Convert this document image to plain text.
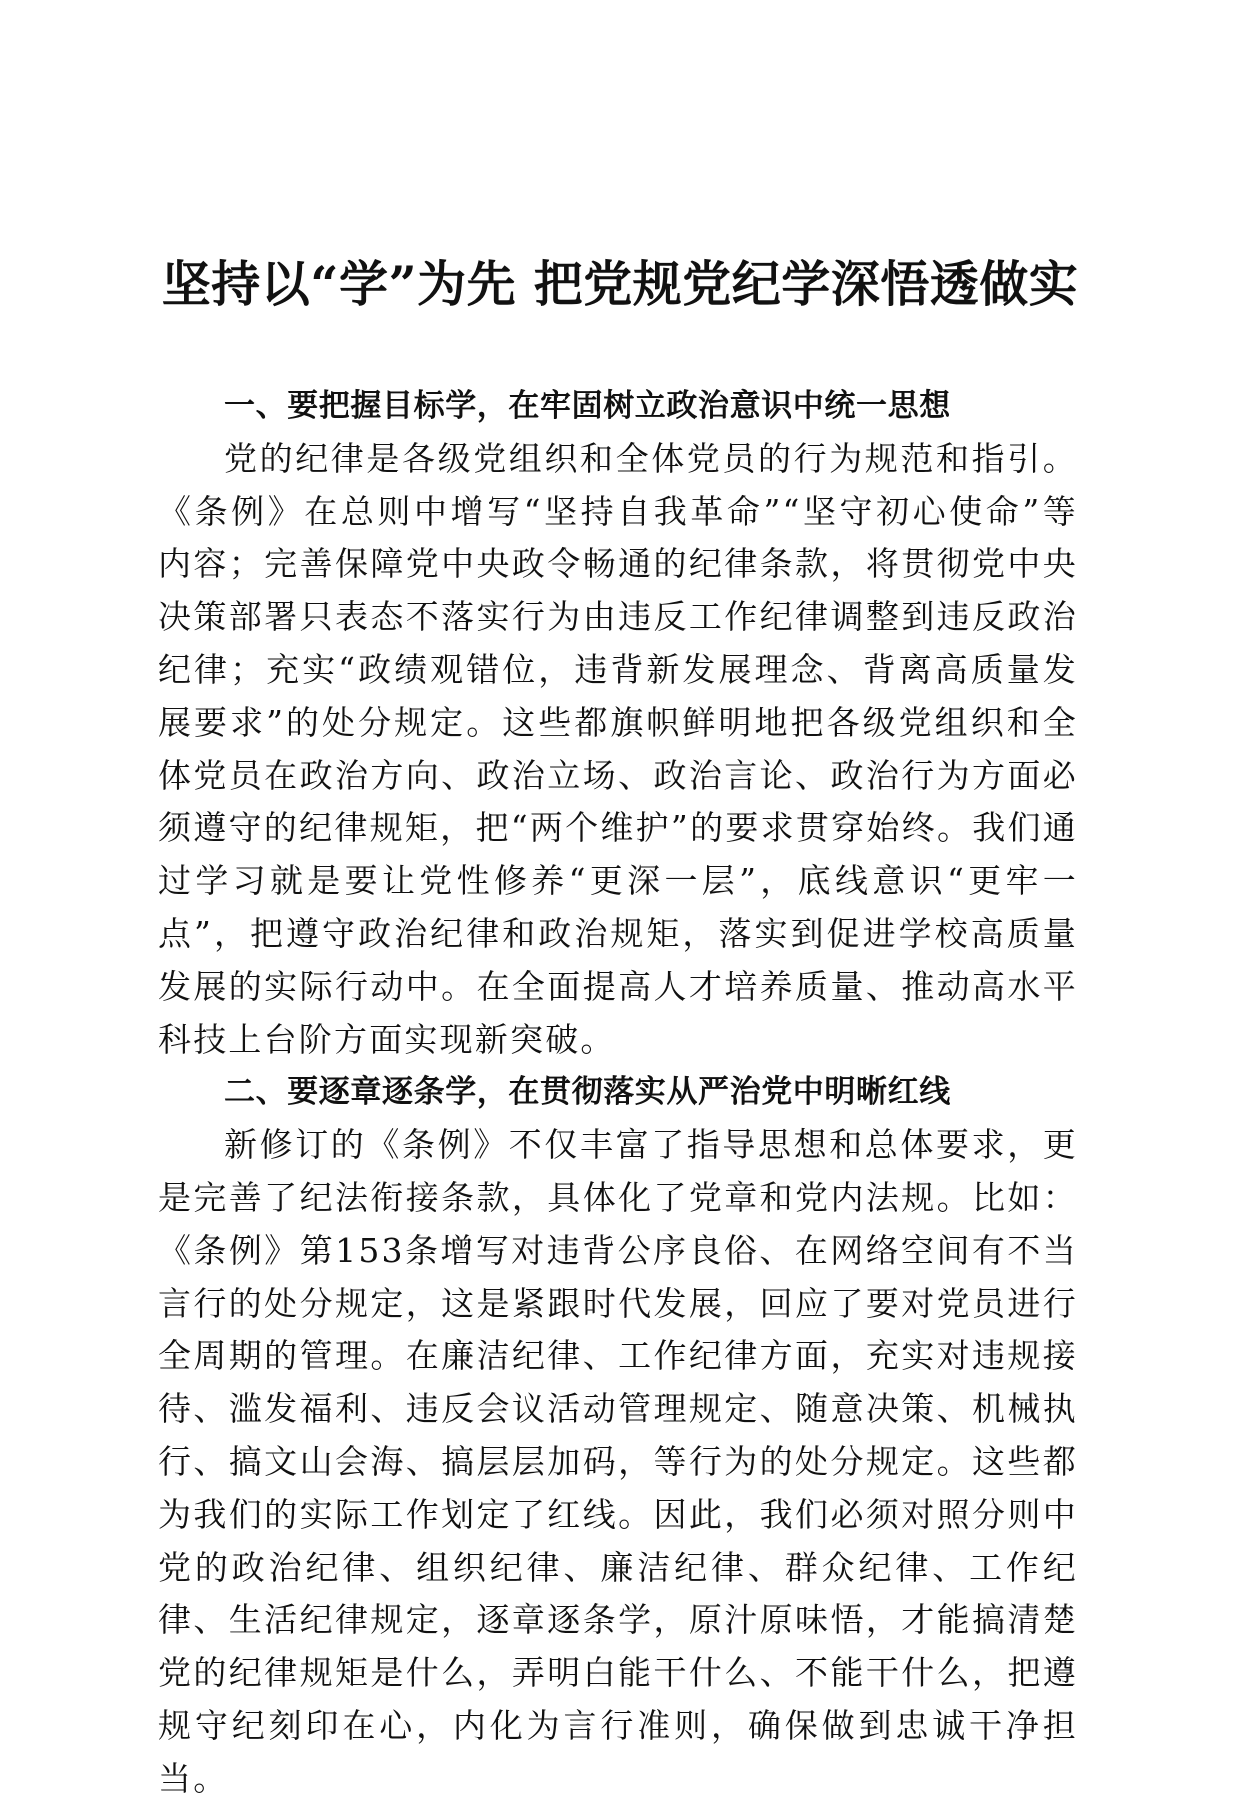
坚持以“学”为先 把党规党纪学深悟透做实
一、要把握目标学，在牢固树立政治意识中统一思想

党的纪律是各级党组织和全体党员的行为规范和指引。《条例》在总则中增写“坚持自我革命”“坚守初心使命”等内容；完善保障党中央政令畅通的纪律条款，将贯彻党中央决策部署只表态不落实行为由违反工作纪律调整到违反政治纪律；充实“政绩观错位，违背新发展理念、背离高质量发展要求”的处分规定。这些都旗帜鲜明地把各级党组织和全体党员在政治方向、政治立场、政治言论、政治行为方面必须遵守的纪律规矩，把“两个维护”的要求贯穿始终。我们通过学习就是要让党性修养“更深一层”，底线意识“更牢一点”，把遵守政治纪律和政治规矩，落实到促进学校高质量发展的实际行动中。在全面提高人才培养质量、推动高水平科技上台阶方面实现新突破。

二、要逐章逐条学，在贯彻落实从严治党中明晰红线

新修订的《条例》不仅丰富了指导思想和总体要求，更是完善了纪法衔接条款，具体化了党章和党内法规。比如：《条例》第153条增写对违背公序良俗、在网络空间有不当言行的处分规定，这是紧跟时代发展，回应了要对党员进行全周期的管理。在廉洁纪律、工作纪律方面，充实对违规接待、滥发福利、违反会议活动管理规定、随意决策、机械执行、搞文山会海、搞层层加码，等行为的处分规定。这些都为我们的实际工作划定了红线。因此，我们必须对照分则中党的政治纪律、组织纪律、廉洁纪律、群众纪律、工作纪律、生活纪律规定，逐章逐条学，原汁原味悟，才能搞清楚党的纪律规矩是什么，弄明白能干什么、不能干什么，把遵规守纪刻印在心，内化为言行准则，确保做到忠诚干净担当。
